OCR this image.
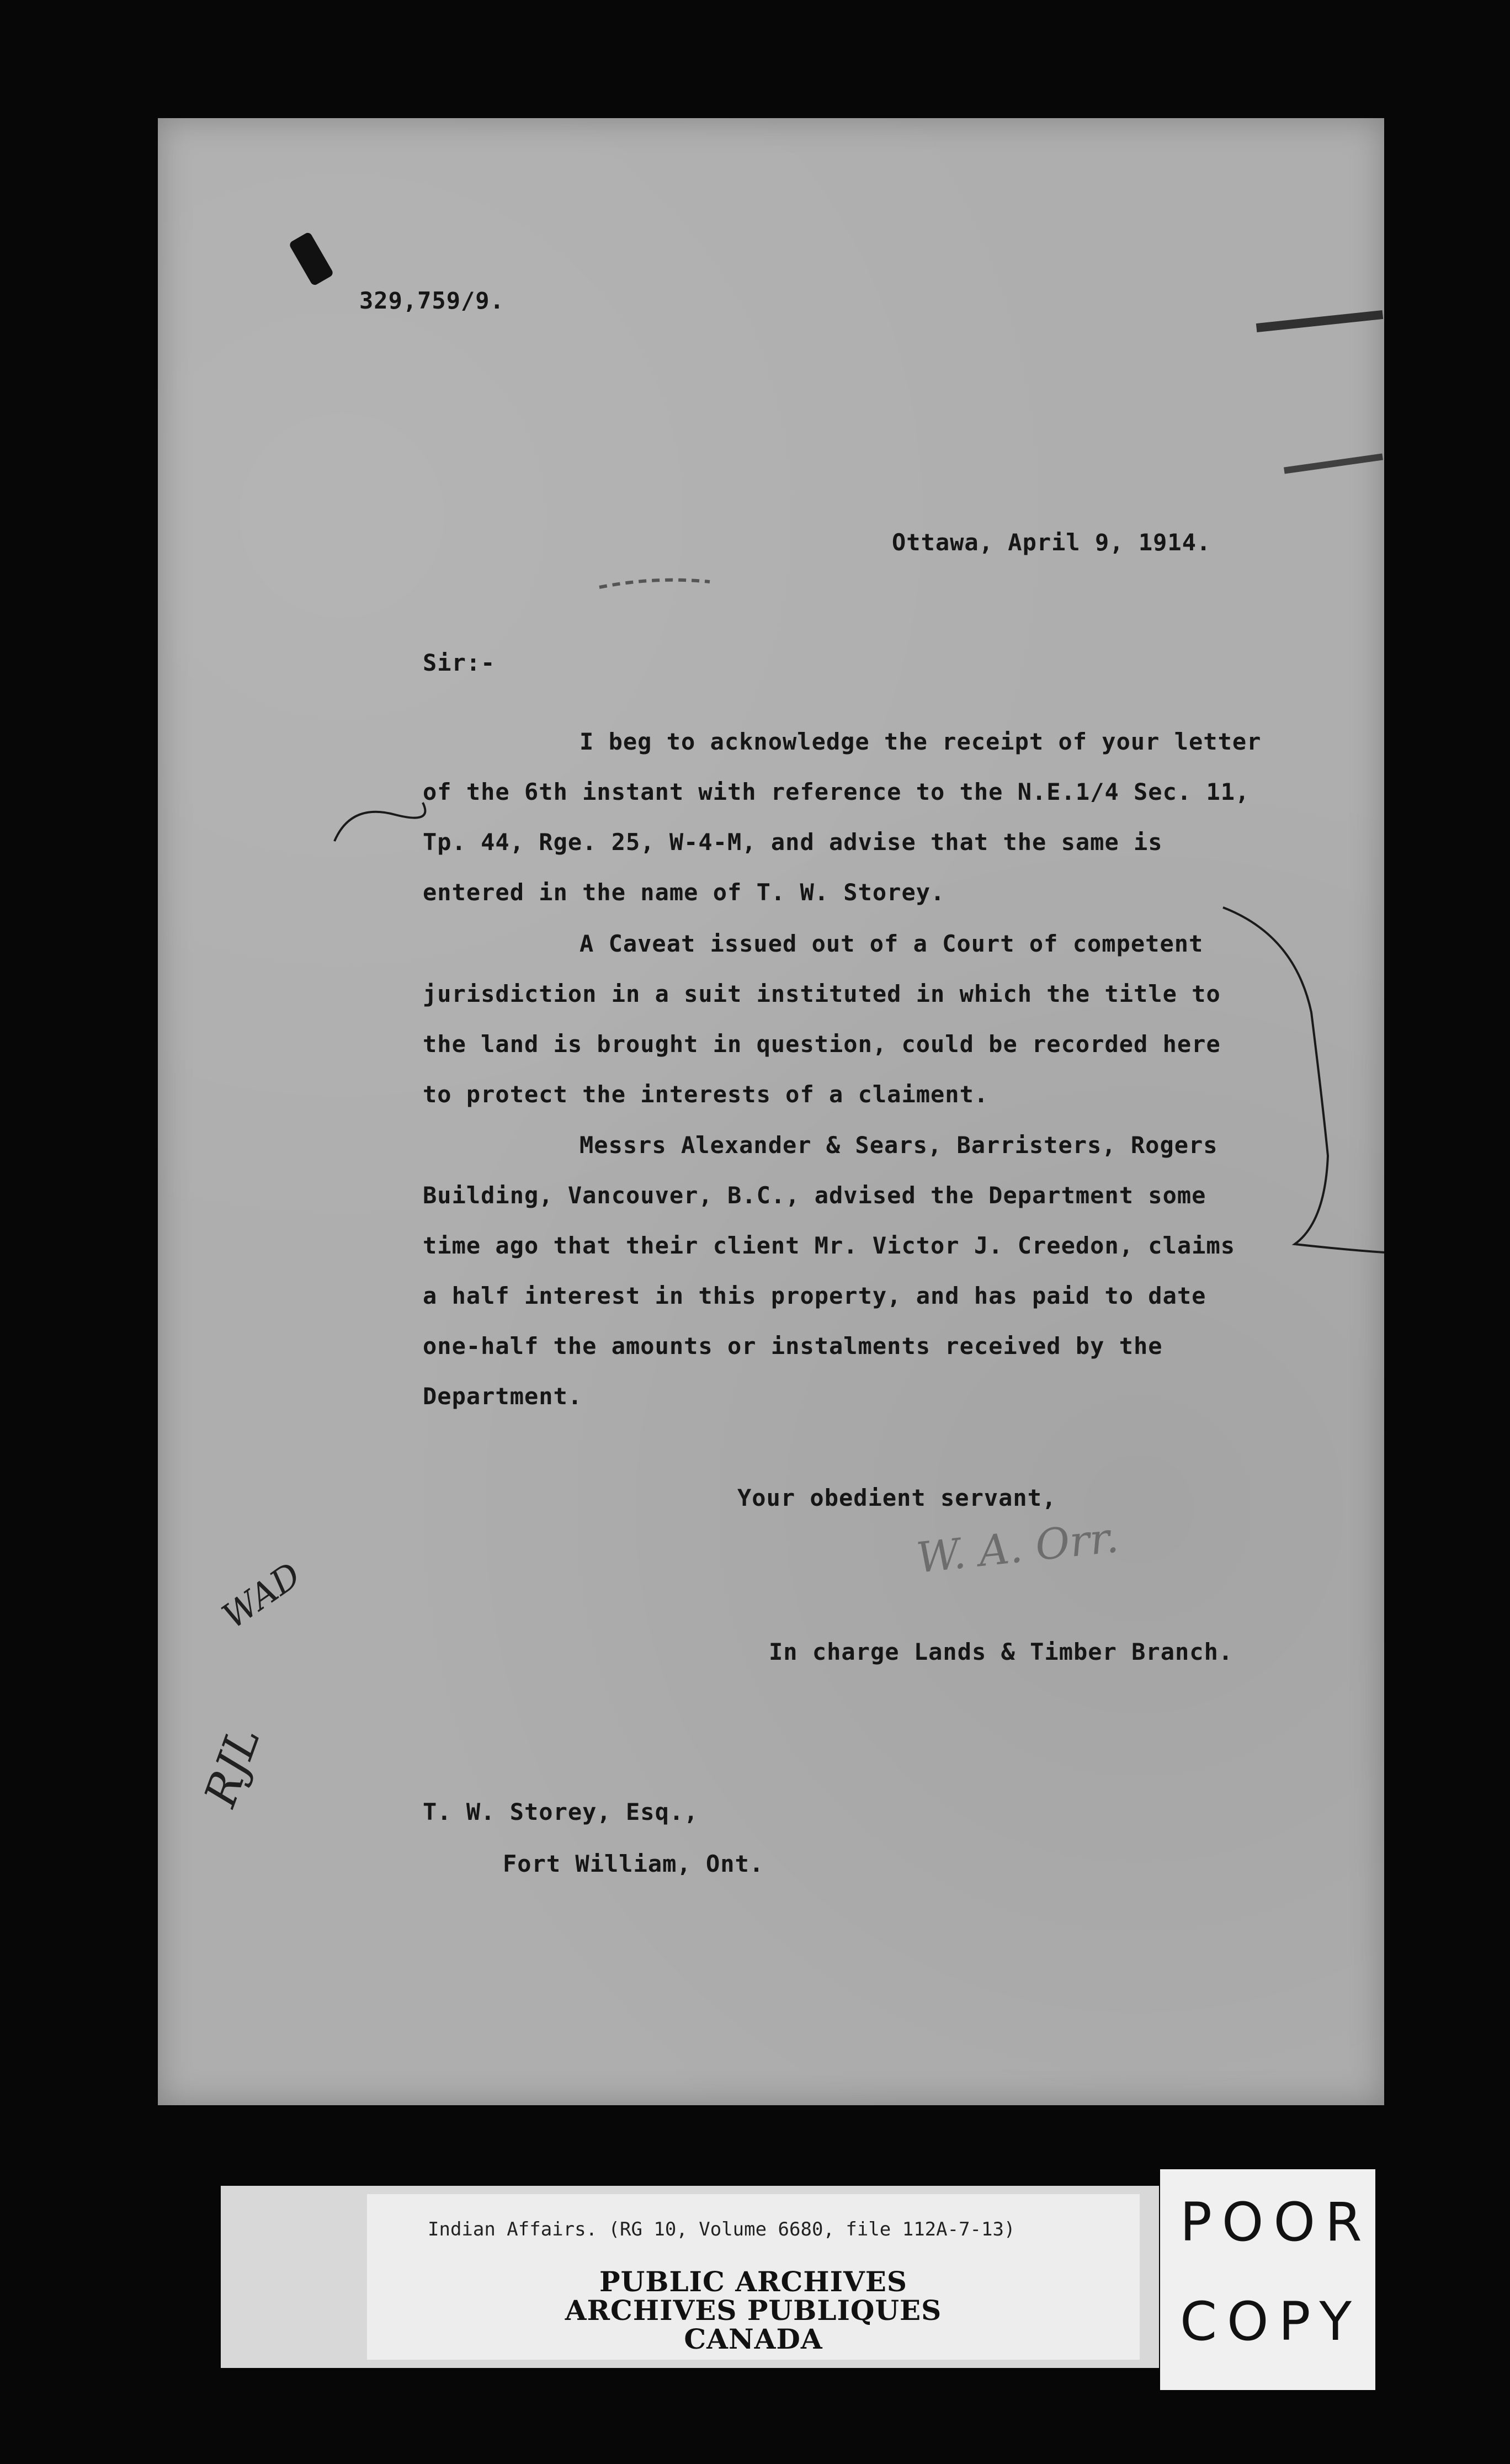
329,759/9.
Ottawa, April 9, 1914.
Sir:-
I beg to acknowledge the receipt of your letter
of the 6th instant with reference to the N.E.1/4 Sec. 11,
Tp. 44, Rge. 25, W-4-M, and advise that the same is
entered in the name of T. W. Storey.
A Caveat issued out of a Court of competent
jurisdiction in a suit instituted in which the title to
the land is brought in question, could be recorded here
to protect the interests of a claiment.
Messrs Alexander & Sears, Barristers, Rogers
Building, Vancouver, B.C., advised the Department some
time ago that their client Mr. Victor J. Creedon, claims
a half interest in this property, and has paid to date
one-half the amounts or instalments received by the
Department.
Your obedient servant,
W. A. Orr.
In charge Lands & Timber Branch.
WAD
RJL	T. W. Storey, Esq.,
Fort William, Ont.
Indian Affairs. (RG 10, Volume 6680, file 112A-7-13)
PUBLIC ARCHIVES
ARCHIVES PUBLIQUES
CANADA
POOR
COPY
